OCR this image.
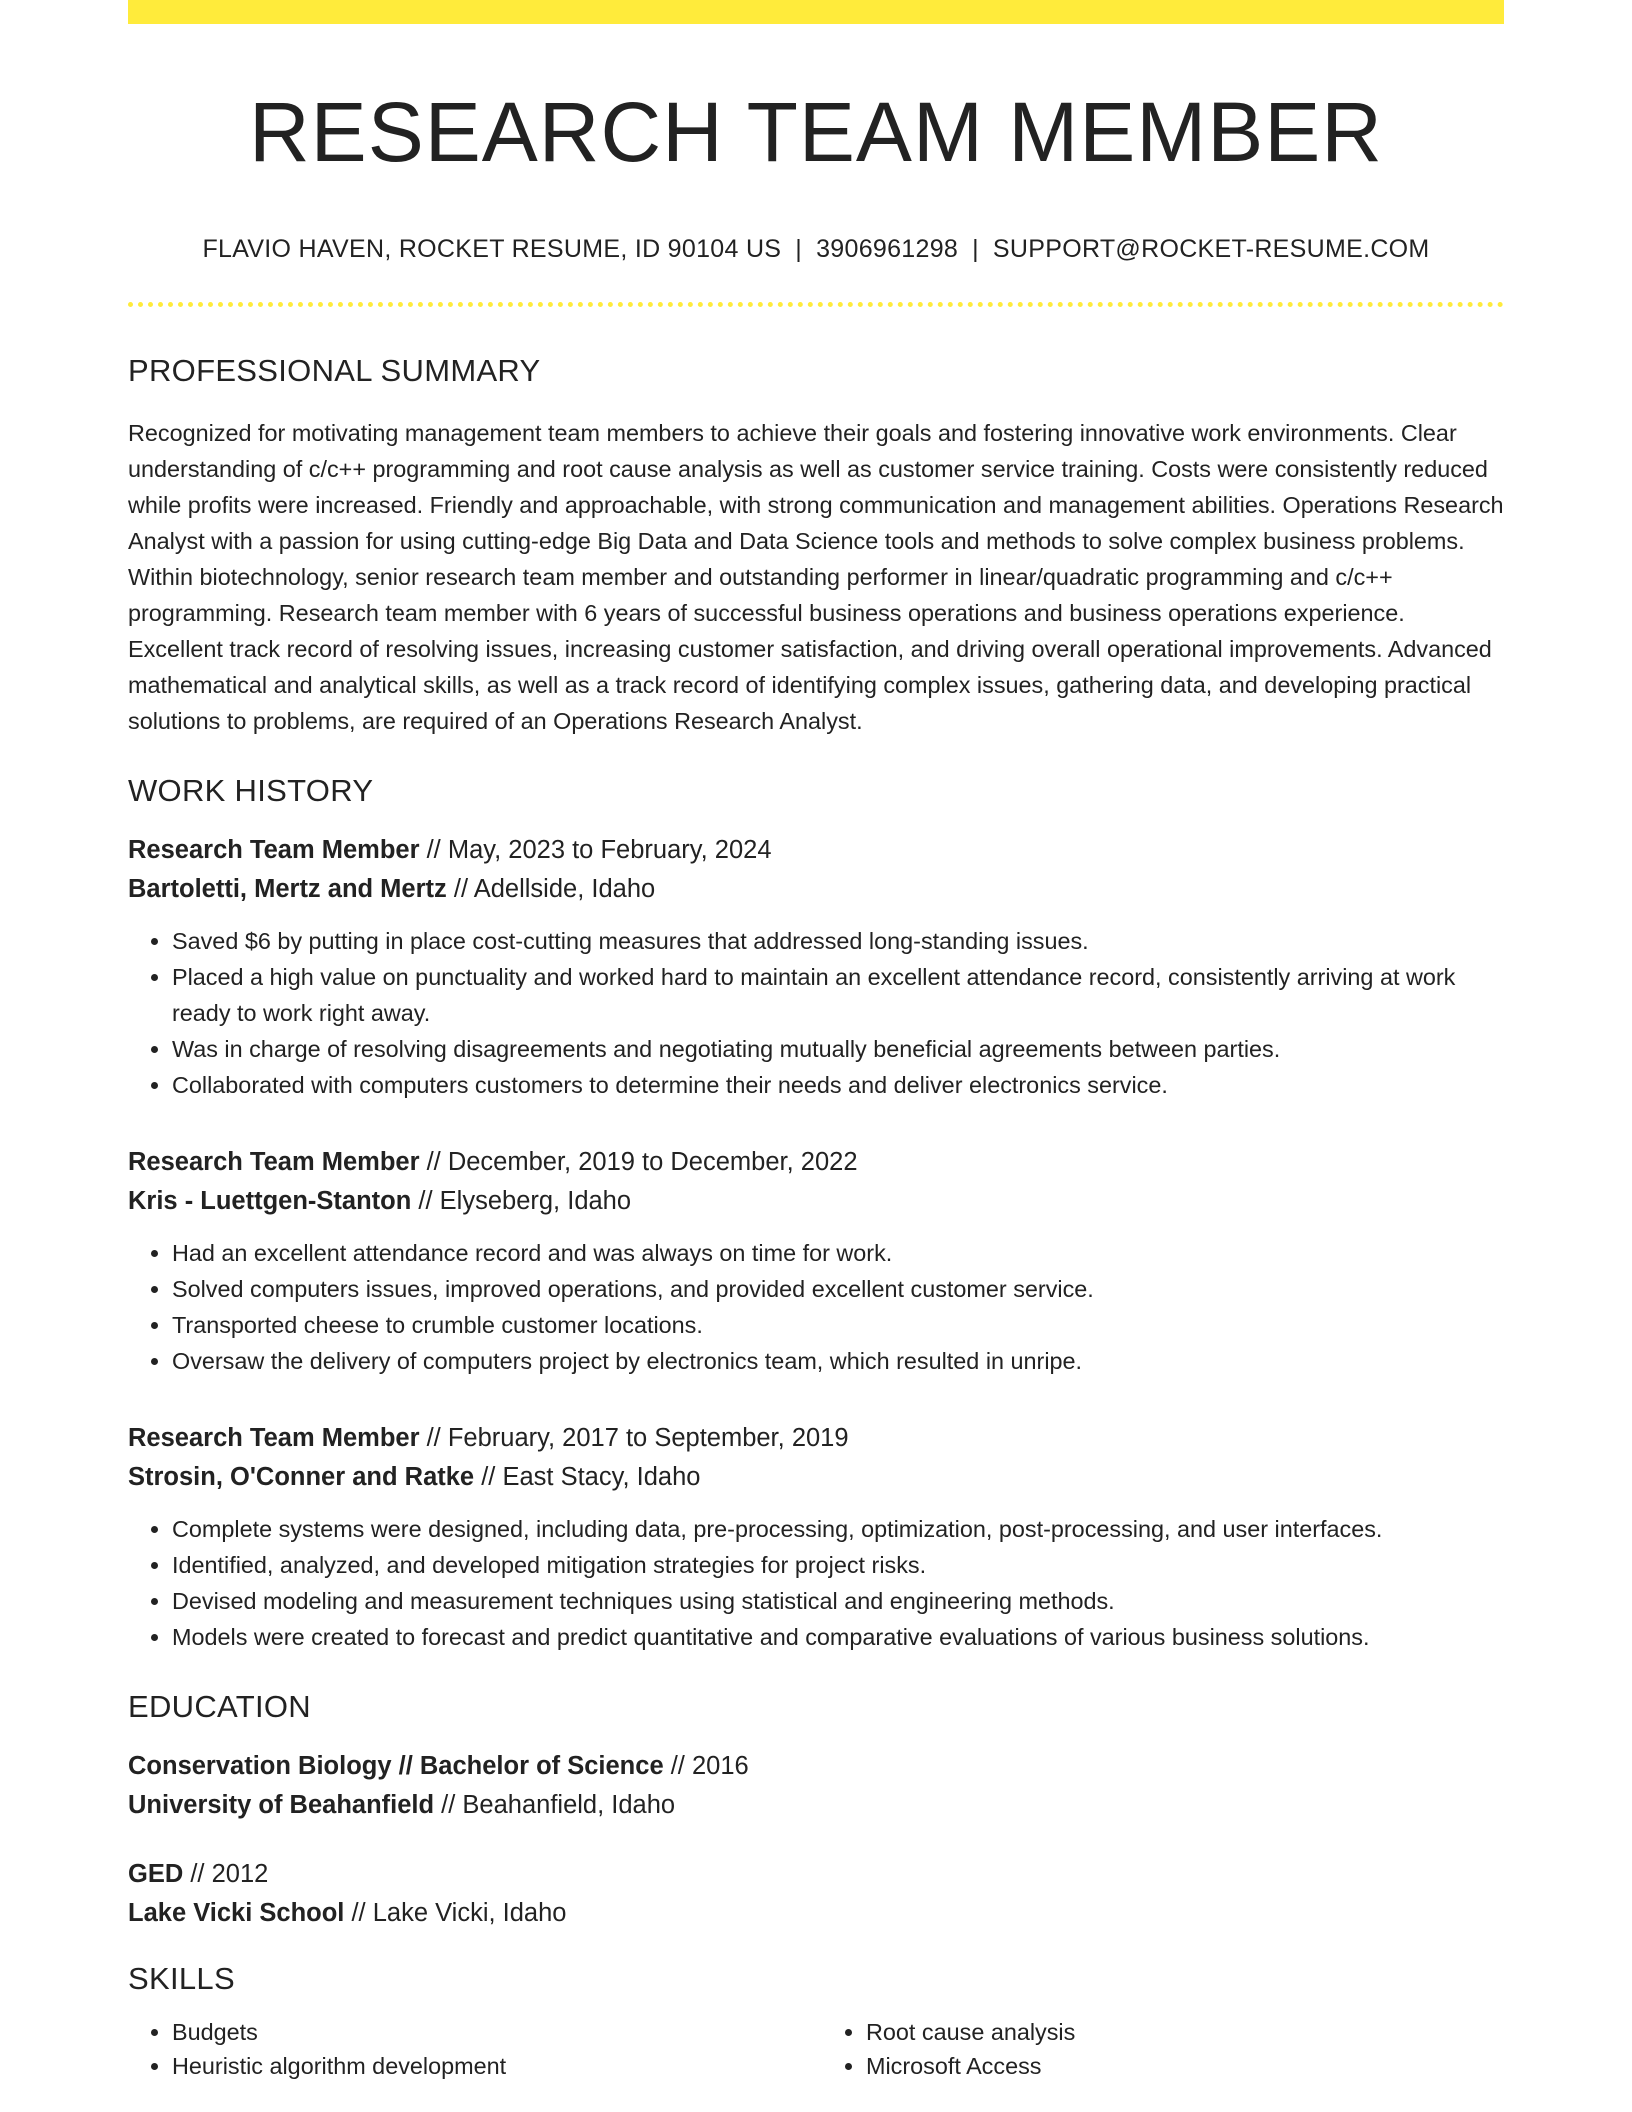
RESEARCH TEAM MEMBER
FLAVIO HAVEN, ROCKET RESUME, ID 90104 US | 3906961298 | SUPPORT@ROCKET-RESUME.COM
PROFESSIONAL SUMMARY

Recognized for motivating management team members to achieve their goals and fostering innovative work environments. Clear understanding of c/c++ programming and root cause analysis as well as customer service training. Costs were consistently reduced while profits were increased. Friendly and approachable, with strong communication and management abilities. Operations Research Analyst with a passion for using cutting-edge Big Data and Data Science tools and methods to solve complex business problems. Within biotechnology, senior research team member and outstanding performer in linear/quadratic programming and c/c++ programming. Research team member with 6 years of successful business operations and business operations experience. Excellent track record of resolving issues, increasing customer satisfaction, and driving overall operational improvements. Advanced mathematical and analytical skills, as well as a track record of identifying complex issues, gathering data, and developing practical solutions to problems, are required of an Operations Research Analyst.

WORK HISTORY
Research Team Member // May, 2023 to February, 2024
Bartoletti, Mertz and Mertz // Adellside, Idaho
• Saved $6 by putting in place cost-cutting measures that addressed long-standing issues.
• Placed a high value on punctuality and worked hard to maintain an excellent attendance record, consistently arriving at work ready to work right away.
• Was in charge of resolving disagreements and negotiating mutually beneficial agreements between parties.
• Collaborated with computers customers to determine their needs and deliver electronics service.
Research Team Member // December, 2019 to December, 2022
Kris - Luettgen-Stanton // Elyseberg, Idaho
• Had an excellent attendance record and was always on time for work.
• Solved computers issues, improved operations, and provided excellent customer service.
• Transported cheese to crumble customer locations.
• Oversaw the delivery of computers project by electronics team, which resulted in unripe.
Research Team Member // February, 2017 to September, 2019
Strosin, O'Conner and Ratke // East Stacy, Idaho
• Complete systems were designed, including data, pre-processing, optimization, post-processing, and user interfaces.
• Identified, analyzed, and developed mitigation strategies for project risks.
• Devised modeling and measurement techniques using statistical and engineering methods.
• Models were created to forecast and predict quantitative and comparative evaluations of various business solutions.
EDUCATION
Conservation Biology // Bachelor of Science // 2016
University of Beahanfield // Beahanfield, Idaho
GED // 2012
Lake Vicki School // Lake Vicki, Idaho
SKILLS
• Budgets
• Heuristic algorithm development
• Root cause analysis
• Microsoft Access
